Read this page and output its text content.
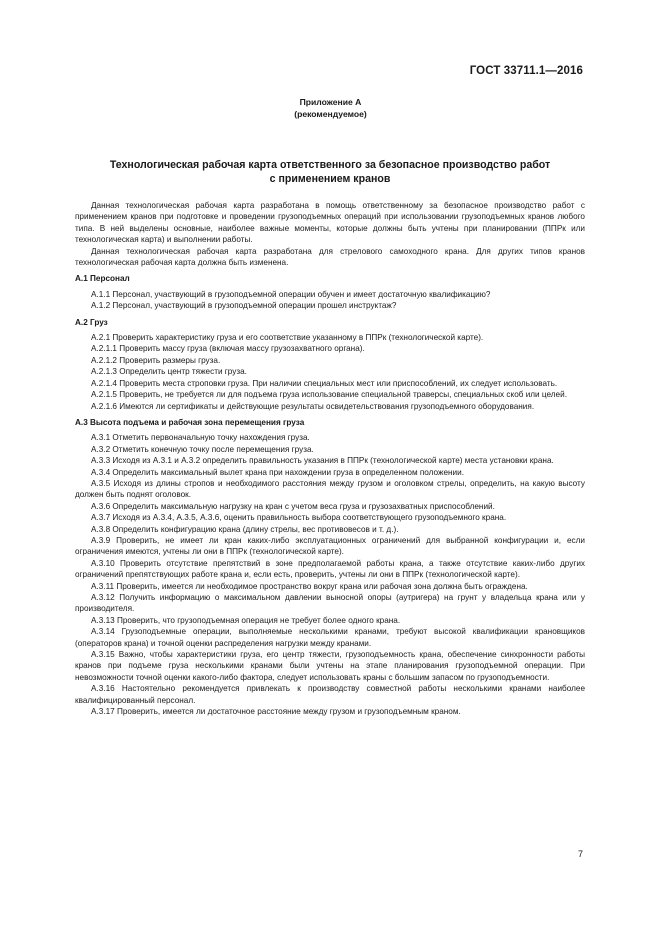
ГОСТ 33711.1—2016
Приложение А
(рекомендуемое)
Технологическая рабочая карта ответственного за безопасное производство работ
с применением кранов

Данная технологическая рабочая карта разработана в помощь ответственному за безопасное производство работ с применением кранов при подготовке и проведении грузоподъемных операций при использовании грузоподъемных кранов любого типа. В ней выделены основные, наиболее важные моменты, которые должны быть учтены при планировании (ППРк или технологическая карта) и выполнении работы.

Данная технологическая рабочая карта разработана для стрелового самоходного крана. Для других типов кранов технологическая рабочая карта должна быть изменена.

А.1 Персонал

А.1.1 Персонал, участвующий в грузоподъемной операции обучен и имеет достаточную квалификацию?

А.1.2 Персонал, участвующий в грузоподъемной операции прошел инструктаж?

А.2 Груз

А.2.1 Проверить характеристику груза и его соответствие указанному в ППРк (технологической карте).

А.2.1.1 Проверить массу груза (включая массу грузозахватного органа).

А.2.1.2 Проверить размеры груза.

А.2.1.3 Определить центр тяжести груза.

А.2.1.4 Проверить места строповки груза. При наличии специальных мест или приспособлений, их следует использовать.

А.2.1.5 Проверить, не требуется ли для подъема груза использование специальной траверсы, специальных скоб или целей.

А.2.1.6 Имеются ли сертификаты и действующие результаты освидетельствования грузоподъемного оборудования.

А.3 Высота подъема и рабочая зона перемещения груза

А.3.1 Отметить первоначальную точку нахождения груза.

А.3.2 Отметить конечную точку после перемещения груза.

А.3.3 Исходя из А.3.1 и А.3.2 определить правильность указания в ППРк (технологической карте) места установки крана.

А.3.4 Определить максимальный вылет крана при нахождении груза в определенном положении.

А.3.5 Исходя из длины стропов и необходимого расстояния между грузом и оголовком стрелы, определить, на какую высоту должен быть поднят оголовок.

А.3.6 Определить максимальную нагрузку на кран с учетом веса груза и грузозахватных приспособлений.

А.3.7 Исходя из А.3.4, А.3.5, А.3.6, оценить правильность выбора соответствующего грузоподъемного крана.

А.3.8 Определить конфигурацию крана (длину стрелы, вес противовесов и т. д.).

А.3.9 Проверить, не имеет ли кран каких-либо эксплуатационных ограничений для выбранной конфигурации и, если ограничения имеются, учтены ли они в ППРк (технологической карте).

А.3.10 Проверить отсутствие препятствий в зоне предполагаемой работы крана, а также отсутствие каких-либо других ограничений препятствующих работе крана и, если есть, проверить, учтены ли они в ППРк (технологической карте).

А.3.11 Проверить, имеется ли необходимое пространство вокруг крана или рабочая зона должна быть ограждена.

А.3.12 Получить информацию о максимальном давлении выносной опоры (аутригера) на грунт у владельца крана или у производителя.

А.3.13 Проверить, что грузоподъемная операция не требует более одного крана.

А.3.14 Грузоподъемные операции, выполняемые несколькими кранами, требуют высокой квалификации крановщиков (операторов крана) и точной оценки распределения нагрузки между кранами.

А.3.15 Важно, чтобы характеристики груза, его центр тяжести, грузоподъемность крана, обеспечение синхронности работы кранов при подъеме груза несколькими кранами были учтены на этапе планирования грузоподъемной операции. При невозможности точной оценки какого-либо фактора, следует использовать краны с большим запасом по грузоподъемности.

А.3.16 Настоятельно рекомендуется привлекать к производству совместной работы несколькими кранами наиболее квалифицированный персонал.

А.3.17 Проверить, имеется ли достаточное расстояние между грузом и грузоподъемным краном.

7
